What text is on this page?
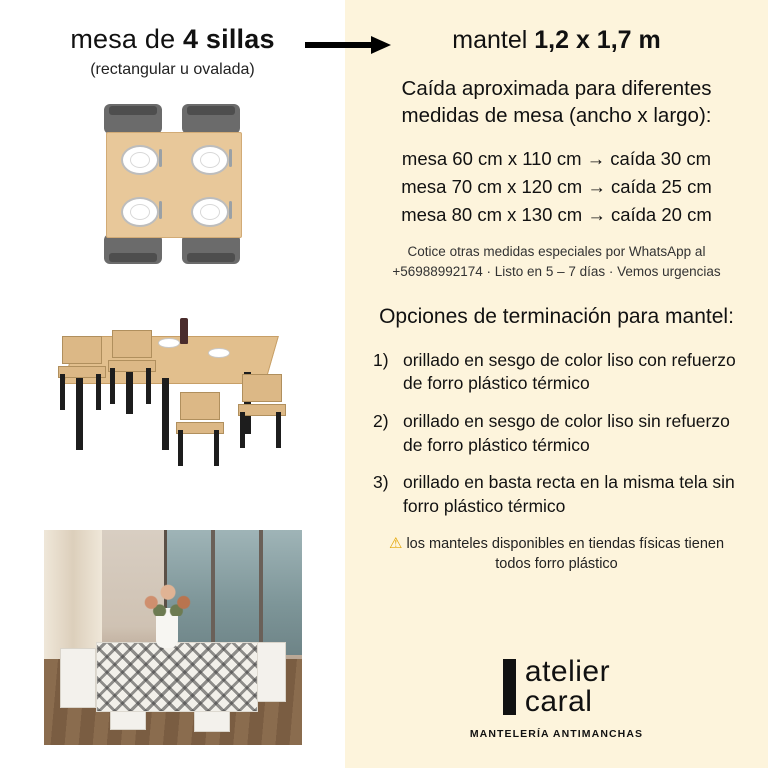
mesa de 4 sillas
(rectangular u ovalada)
mantel 1,2 x 1,7 m
Caída aproximada para diferentes medidas de mesa (ancho x largo):
mesa 60 cm x 110 cm → caída 30 cm
mesa 70 cm x 120 cm → caída 25 cm
mesa 80 cm x 130 cm → caída 20 cm
Cotice otras medidas especiales por WhatsApp al +56988992174 · Listo en 5 – 7 días · Vemos urgencias
Opciones de terminación para mantel:
1) orillado en sesgo de color liso con refuerzo de forro plástico térmico
2) orillado en sesgo de color liso sin refuerzo de forro plástico térmico
3) orillado en basta recta en la misma tela sin forro plástico térmico
⚠ los manteles disponibles en tiendas físicas tienen todos forro plástico
atelier
caral
MANTELERÍA ANTIMANCHAS
